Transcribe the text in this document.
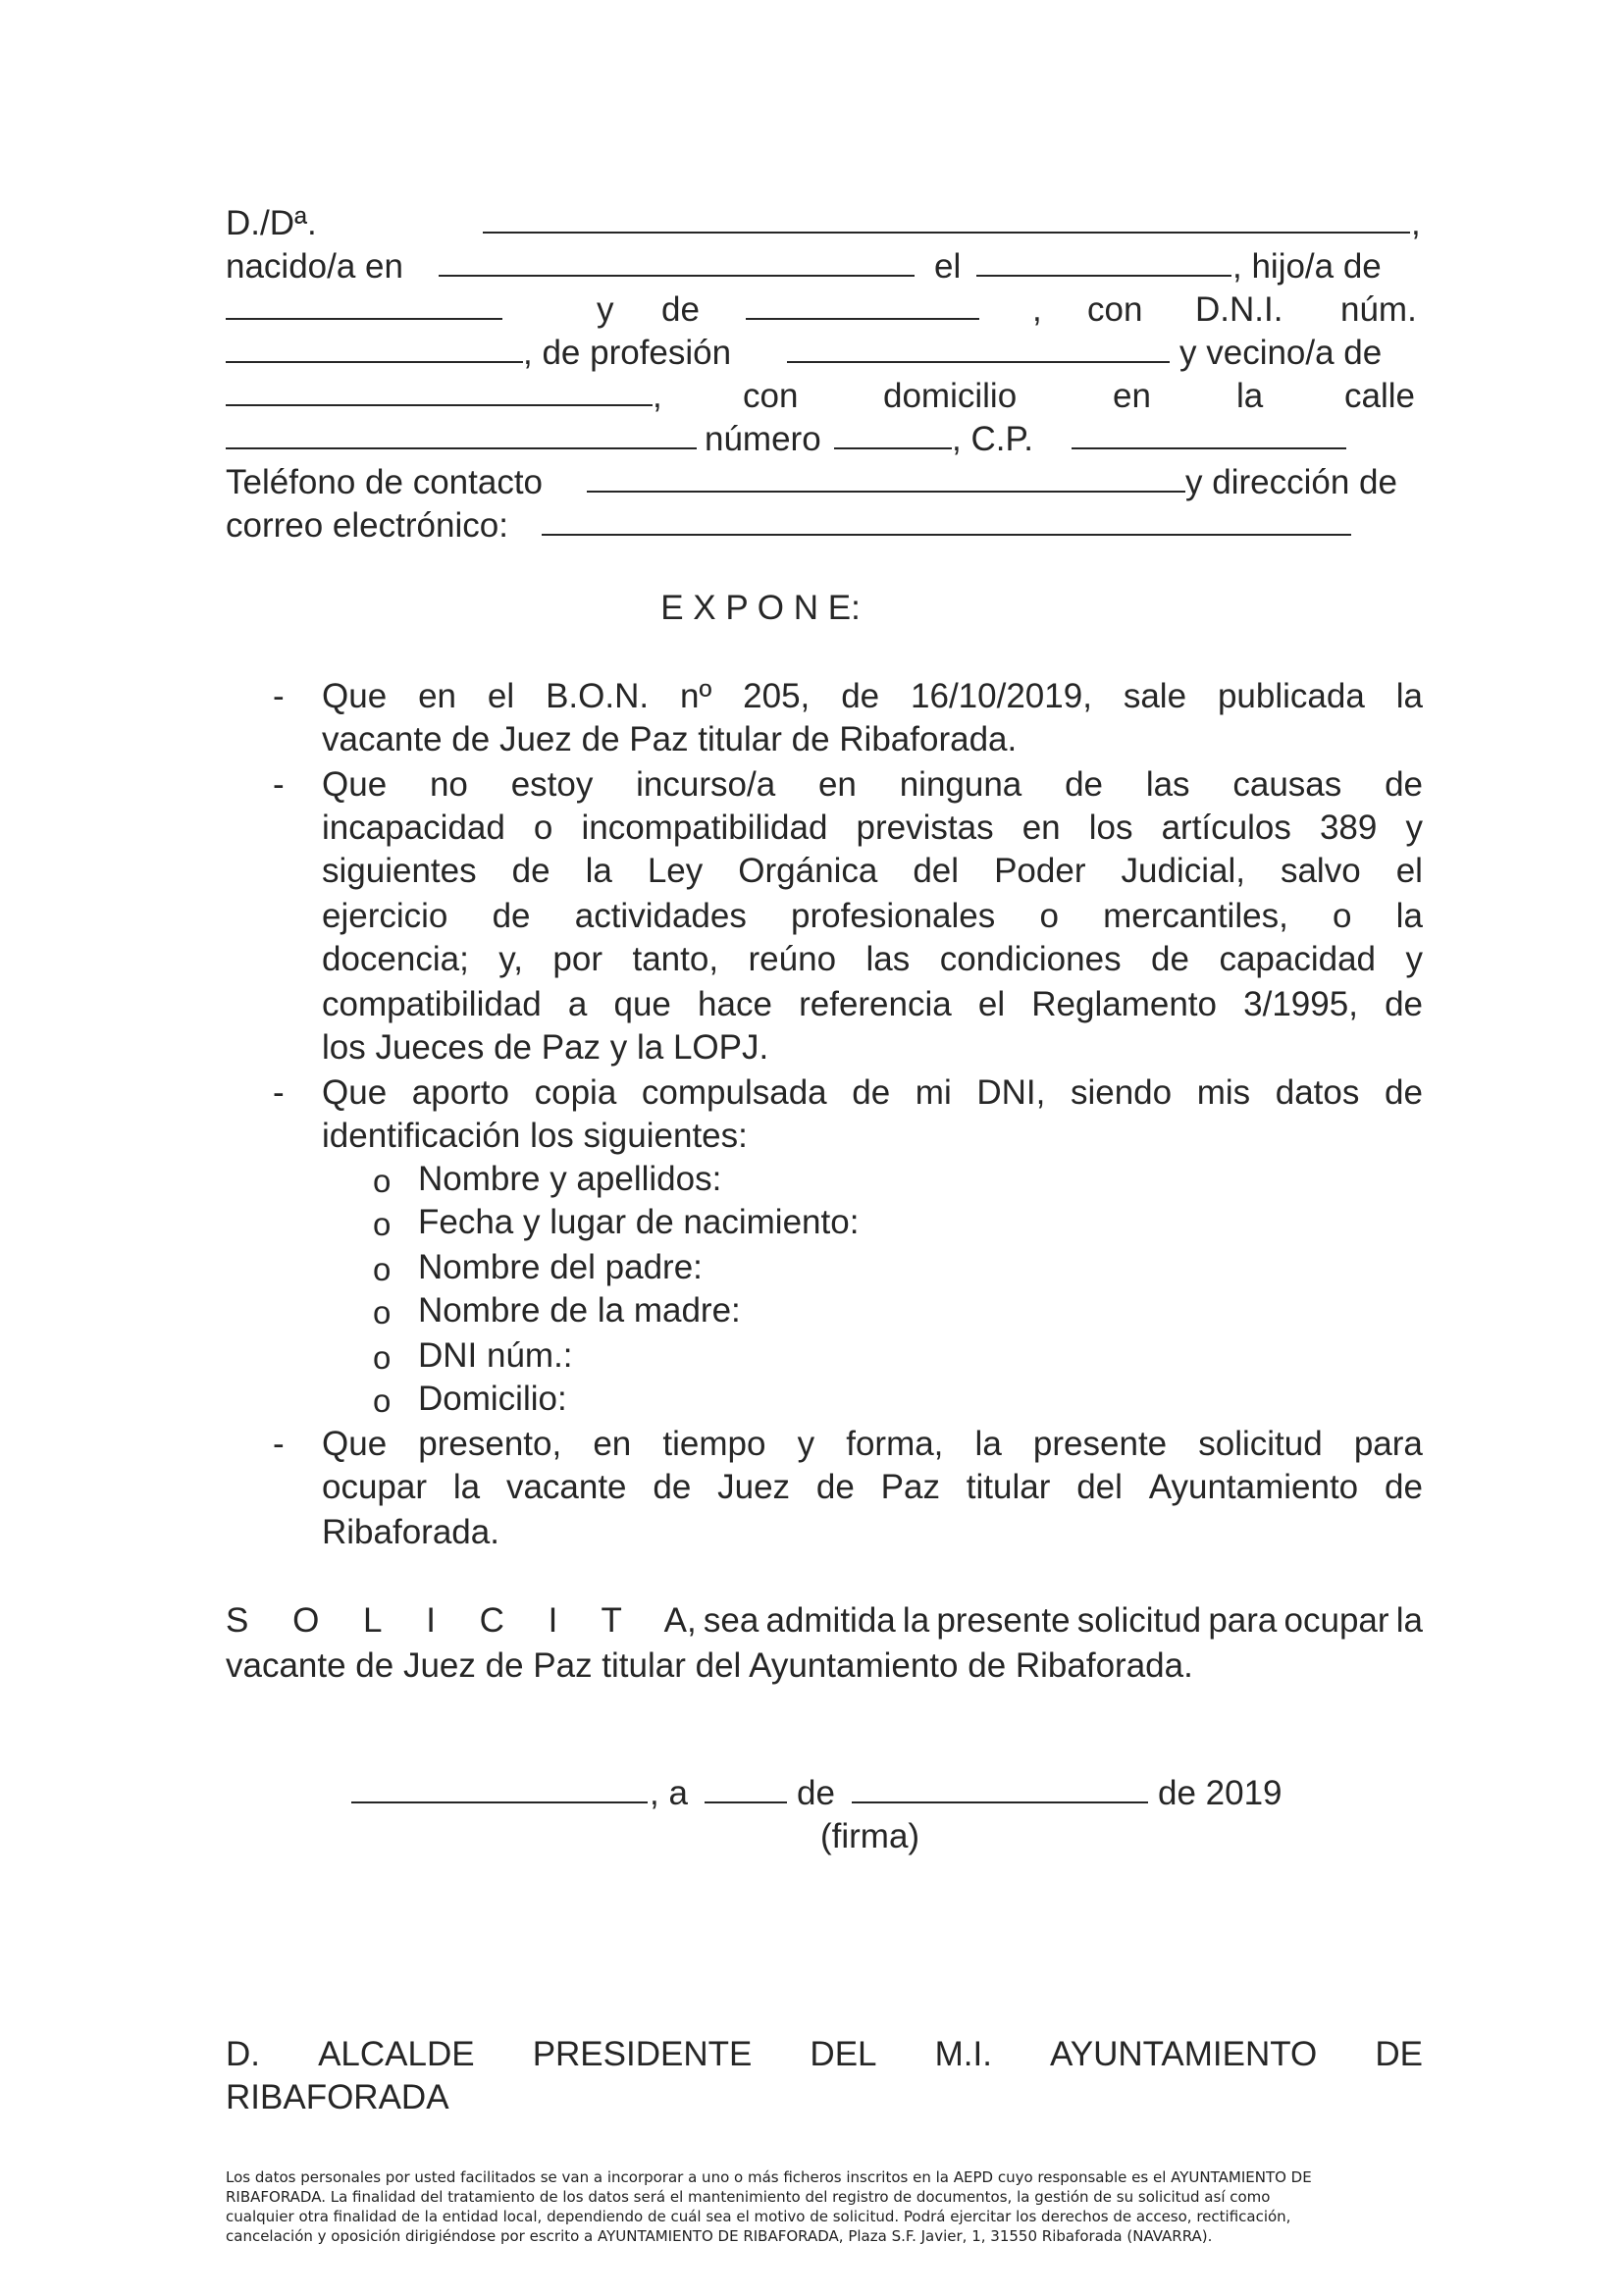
D./Dª.	,
nacido/a en	el	, hijo/a de
y de	, con D.N.I. núm.
, de profesión	y vecino/a de
, con domicilio	en la calle
número	, C.P.
Teléfono de contacto	y dirección de
correo electrónico:
E X P O N E:
- Que en el B.O.N. nº 205, de 16/10/2019, sale publicada la
vacante de Juez de Paz titular de Ribaforada.
- Que no estoy incurso/a en ninguna de las causas de
incapacidad o incompatibilidad previstas en los artículos 389 y
siguientes de la Ley Orgánica del Poder Judicial, salvo el
ejercicio de actividades profesionales o mercantiles, o la
docencia; y, por tanto, reúno las condiciones de capacidad y
compatibilidad a que hace referencia el Reglamento 3/1995, de
los Jueces de Paz y la LOPJ.
- Que aporto copia compulsada de mi DNI, siendo mis datos de
identificación los siguientes:
o Nombre y apellidos:
o Fecha y lugar de nacimiento:
o Nombre del padre:
o Nombre de la madre:
o DNI núm.:
o Domicilio:
- Que presento, en tiempo y forma, la presente solicitud para
ocupar la vacante de Juez de Paz titular del Ayuntamiento de
Ribaforada.
S  O  L  I  C  I  T  A, sea admitida la presente solicitud para ocupar la
vacante de Juez de Paz titular del Ayuntamiento de Ribaforada.
, a	de	de 2019
(firma)
D. ALCALDE PRESIDENTE DEL M.I. AYUNTAMIENTO DE
RIBAFORADA
Los datos personales por usted facilitados se van a incorporar a uno o más ficheros inscritos en la AEPD cuyo responsable es el AYUNTAMIENTO DE
RIBAFORADA. La finalidad del tratamiento de los datos será el mantenimiento del registro de documentos, la gestión de su solicitud así como
cualquier otra finalidad de la entidad local, dependiendo de cuál sea el motivo de solicitud. Podrá ejercitar los derechos de acceso, rectificación,
cancelación y oposición dirigiéndose por escrito a AYUNTAMIENTO DE RIBAFORADA, Plaza S.F. Javier, 1, 31550 Ribaforada (NAVARRA).
